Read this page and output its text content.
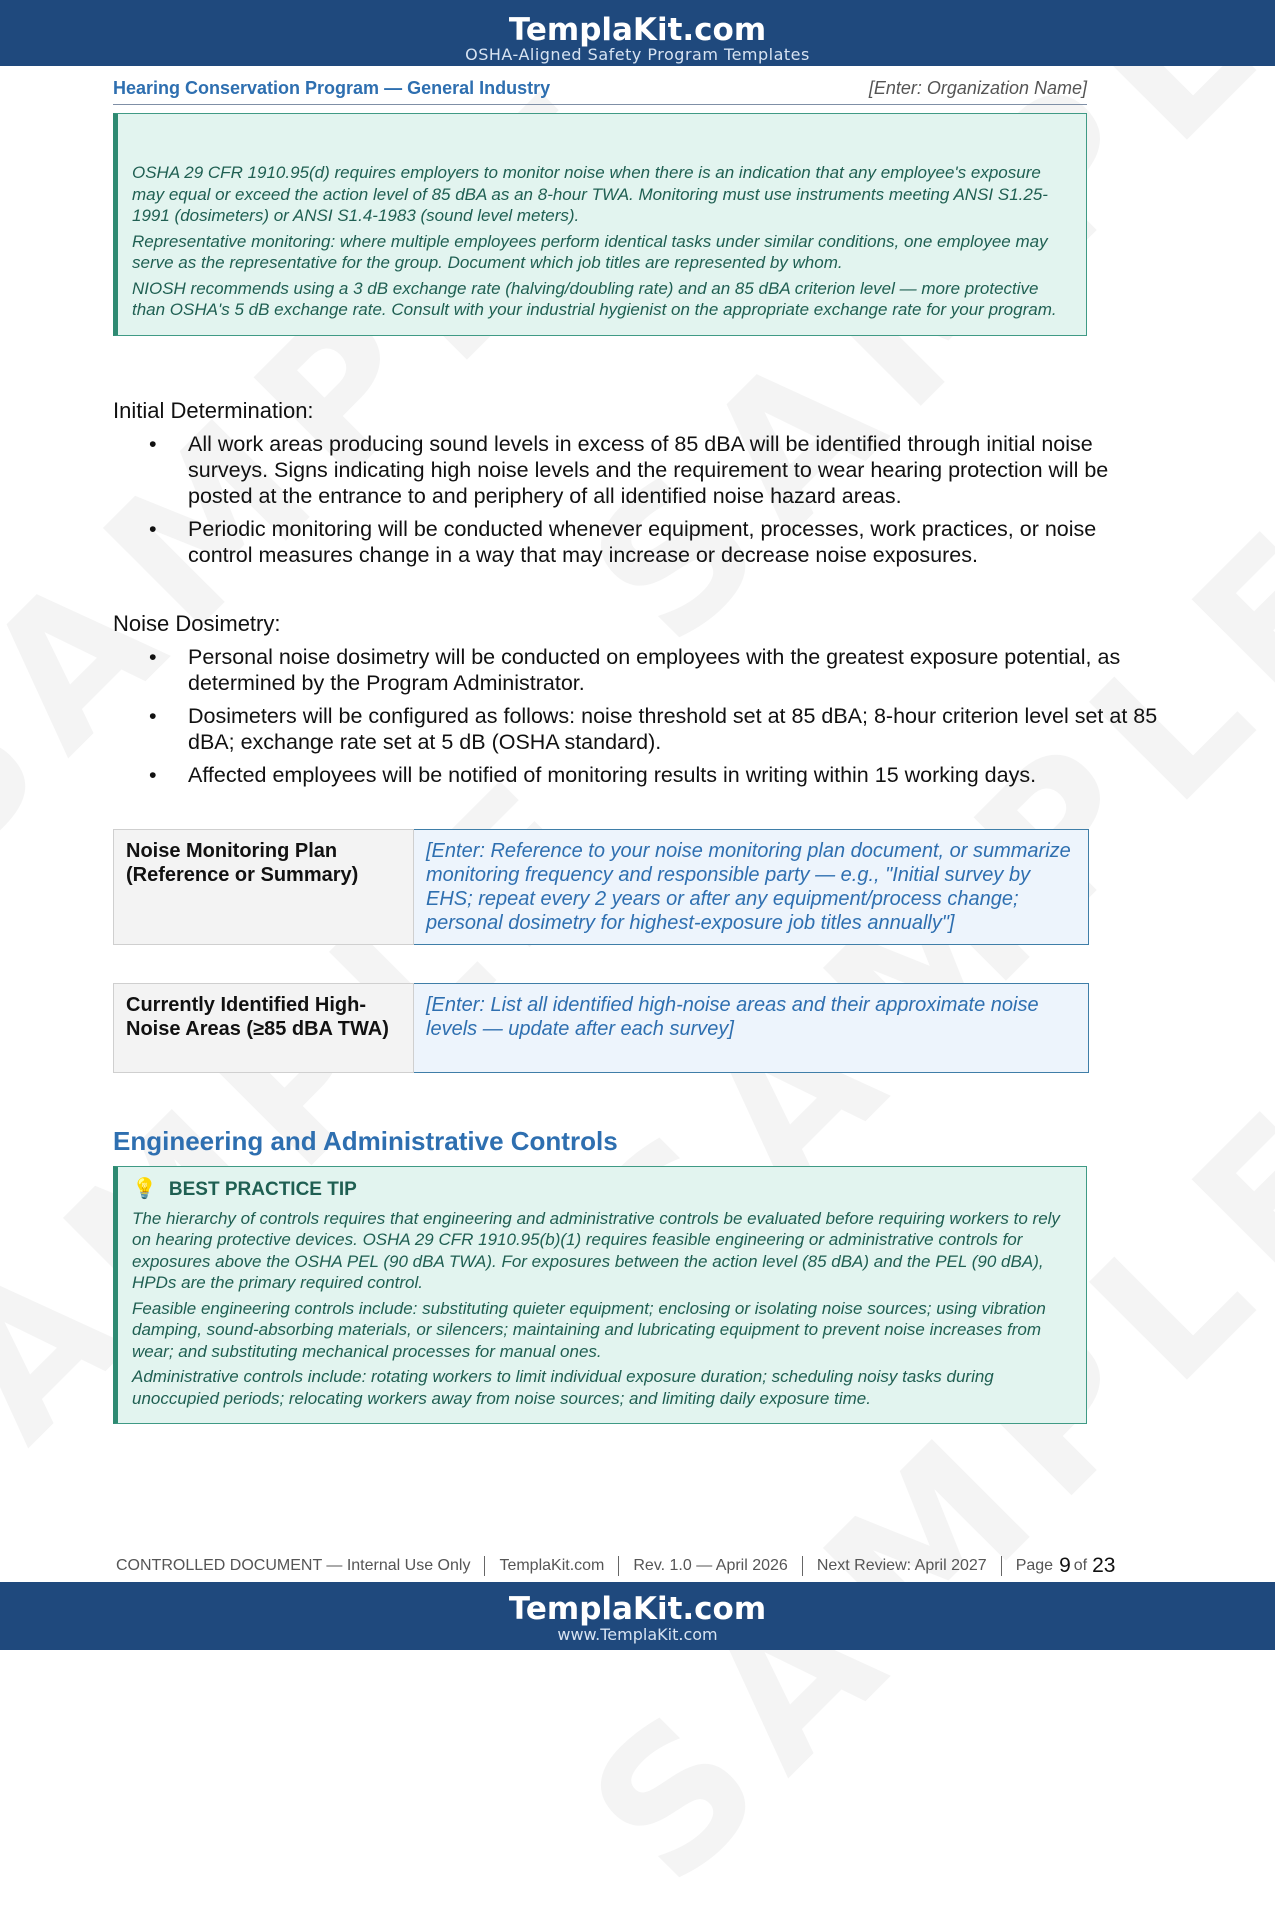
TemplaKit.com
OSHA-Aligned Safety Program Templates
Hearing Conservation Program — General Industry	[Enter: Organization Name]

OSHA 29 CFR 1910.95(d) requires employers to monitor noise when there is an indication that any employee's exposure may equal or exceed the action level of 85 dBA as an 8-hour TWA. Monitoring must use instruments meeting ANSI S1.25-1991 (dosimeters) or ANSI S1.4-1983 (sound level meters).

Representative monitoring: where multiple employees perform identical tasks under similar conditions, one employee may serve as the representative for the group. Document which job titles are represented by whom.

NIOSH recommends using a 3 dB exchange rate (halving/doubling rate) and an 85 dBA criterion level — more protective than OSHA's 5 dB exchange rate. Consult with your industrial hygienist on the appropriate exchange rate for your program.

Initial Determination:
• All work areas producing sound levels in excess of 85 dBA will be identified through initial noise surveys. Signs indicating high noise levels and the requirement to wear hearing protection will be posted at the entrance to and periphery of all identified noise hazard areas.
• Periodic monitoring will be conducted whenever equipment, processes, work practices, or noise control measures change in a way that may increase or decrease noise exposures.
Noise Dosimetry:
• Personal noise dosimetry will be conducted on employees with the greatest exposure potential, as determined by the Program Administrator.
• Dosimeters will be configured as follows: noise threshold set at 85 dBA; 8-hour criterion level set at 85 dBA; exchange rate set at 5 dB (OSHA standard).
• Affected employees will be notified of monitoring results in writing within 15 working days.
Noise Monitoring Plan (Reference or Summary)	[Enter: Reference to your noise monitoring plan document, or summarize monitoring frequency and responsible party — e.g., "Initial survey by EHS; repeat every 2 years or after any equipment/process change; personal dosimetry for highest-exposure job titles annually"]
Currently Identified High-Noise Areas (≥85 dBA TWA)	[Enter: List all identified high-noise areas and their approximate noise levels — update after each survey]
Engineering and Administrative Controls
💡 BEST PRACTICE TIP

The hierarchy of controls requires that engineering and administrative controls be evaluated before requiring workers to rely on hearing protective devices. OSHA 29 CFR 1910.95(b)(1) requires feasible engineering or administrative controls for exposures above the OSHA PEL (90 dBA TWA). For exposures between the action level (85 dBA) and the PEL (90 dBA), HPDs are the primary required control.

Feasible engineering controls include: substituting quieter equipment; enclosing or isolating noise sources; using vibration damping, sound-absorbing materials, or silencers; maintaining and lubricating equipment to prevent noise increases from wear; and substituting mechanical processes for manual ones.

Administrative controls include: rotating workers to limit individual exposure duration; scheduling noisy tasks during unoccupied periods; relocating workers away from noise sources; and limiting daily exposure time.

CONTROLLED DOCUMENT — Internal Use Only TemplaKit.com Rev. 1.0 — April 2026 Next Review: April 2027 Page 9 of 23
TemplaKit.com
www.TemplaKit.com
